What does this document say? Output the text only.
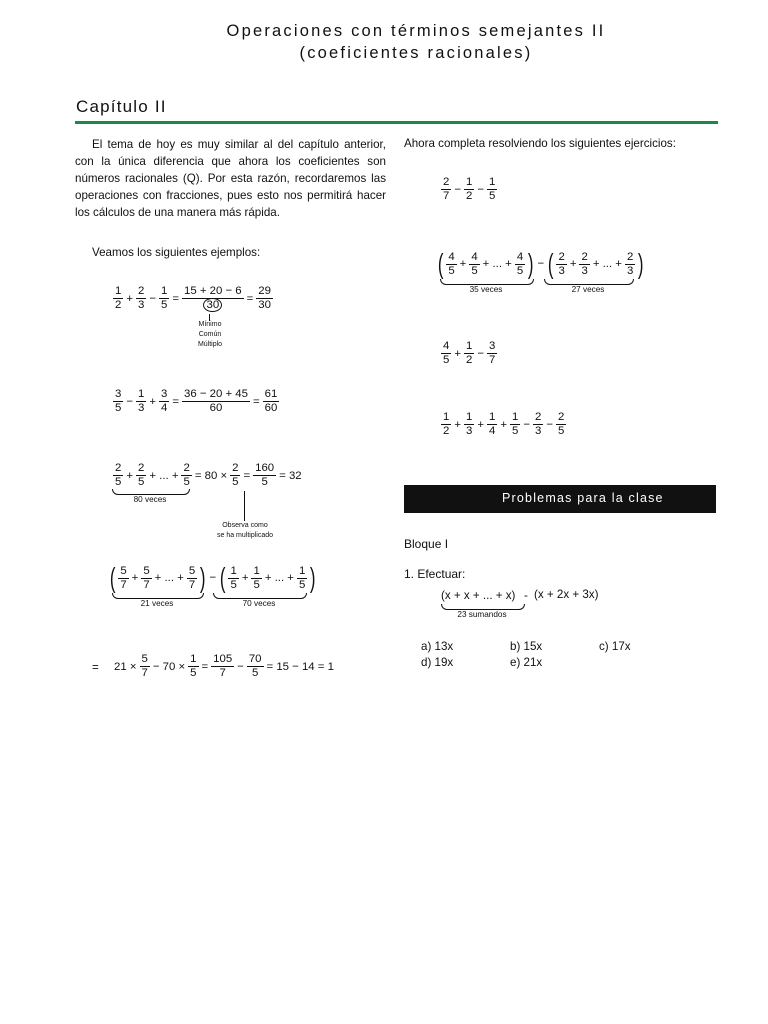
Operaciones con términos semejantes II
(coeficientes racionales)
Capítulo II
El tema de hoy es muy similar al del capítulo anterior, con la única diferencia que ahora los coeficientes son números racionales (Q). Por esta razón, recordaremos las operaciones con fracciones, pues esto nos permitirá hacer los cálculos de una manera más rápida.
Veamos los siguientes ejemplos:
$\frac{1}{2} + \frac{2}{3} - \frac{1}{5} = \frac{15 + 20 - 6}{30} = \frac{29}{30}$
Mínimo
Común
Múltiplo
$\frac{3}{5} - \frac{1}{3} + \frac{3}{4} = \frac{36 - 20 + 45}{60} = \frac{61}{60}$
$\frac{2}{5} + \frac{2}{5}$ + ... + $\frac{2}{5} = 80 \times \frac{2}{5} = \frac{160}{5} = 32$
80 veces
Observa como
se ha multiplicado
( $\frac{5}{7} + \frac{5}{7}$ + ... + $\frac{5}{7}$ ) − ( $\frac{1}{5} + \frac{1}{5}$ + ... + $\frac{1}{5}$ )
21 veces	70 veces
= $21 \times \frac{5}{7} - 70 \times \frac{1}{5} = \frac{105}{7} - \frac{70}{5} = 15 - 14 = 1$
Ahora completa resolviendo los siguientes ejercicios:
$\frac{2}{7} - \frac{1}{2} - \frac{1}{5}$
( $\frac{4}{5} + \frac{4}{5}$ + ... + $\frac{4}{5}$ ) − ( $\frac{2}{3} + \frac{2}{3}$ + ... + $\frac{2}{3}$ )
35 veces	27 veces
$\frac{4}{5} + \frac{1}{2} - \frac{3}{7}$
$\frac{1}{2} + \frac{1}{3} + \frac{1}{4} + \frac{1}{5} - \frac{2}{3} - \frac{2}{5}$
Problemas para la clase
Bloque I
1. Efectuar:
(x + x + ... + x) - (x + 2x + 3x)
23 sumandos
a) 13x	b) 15x	c) 17x
d) 19x	e) 21x
